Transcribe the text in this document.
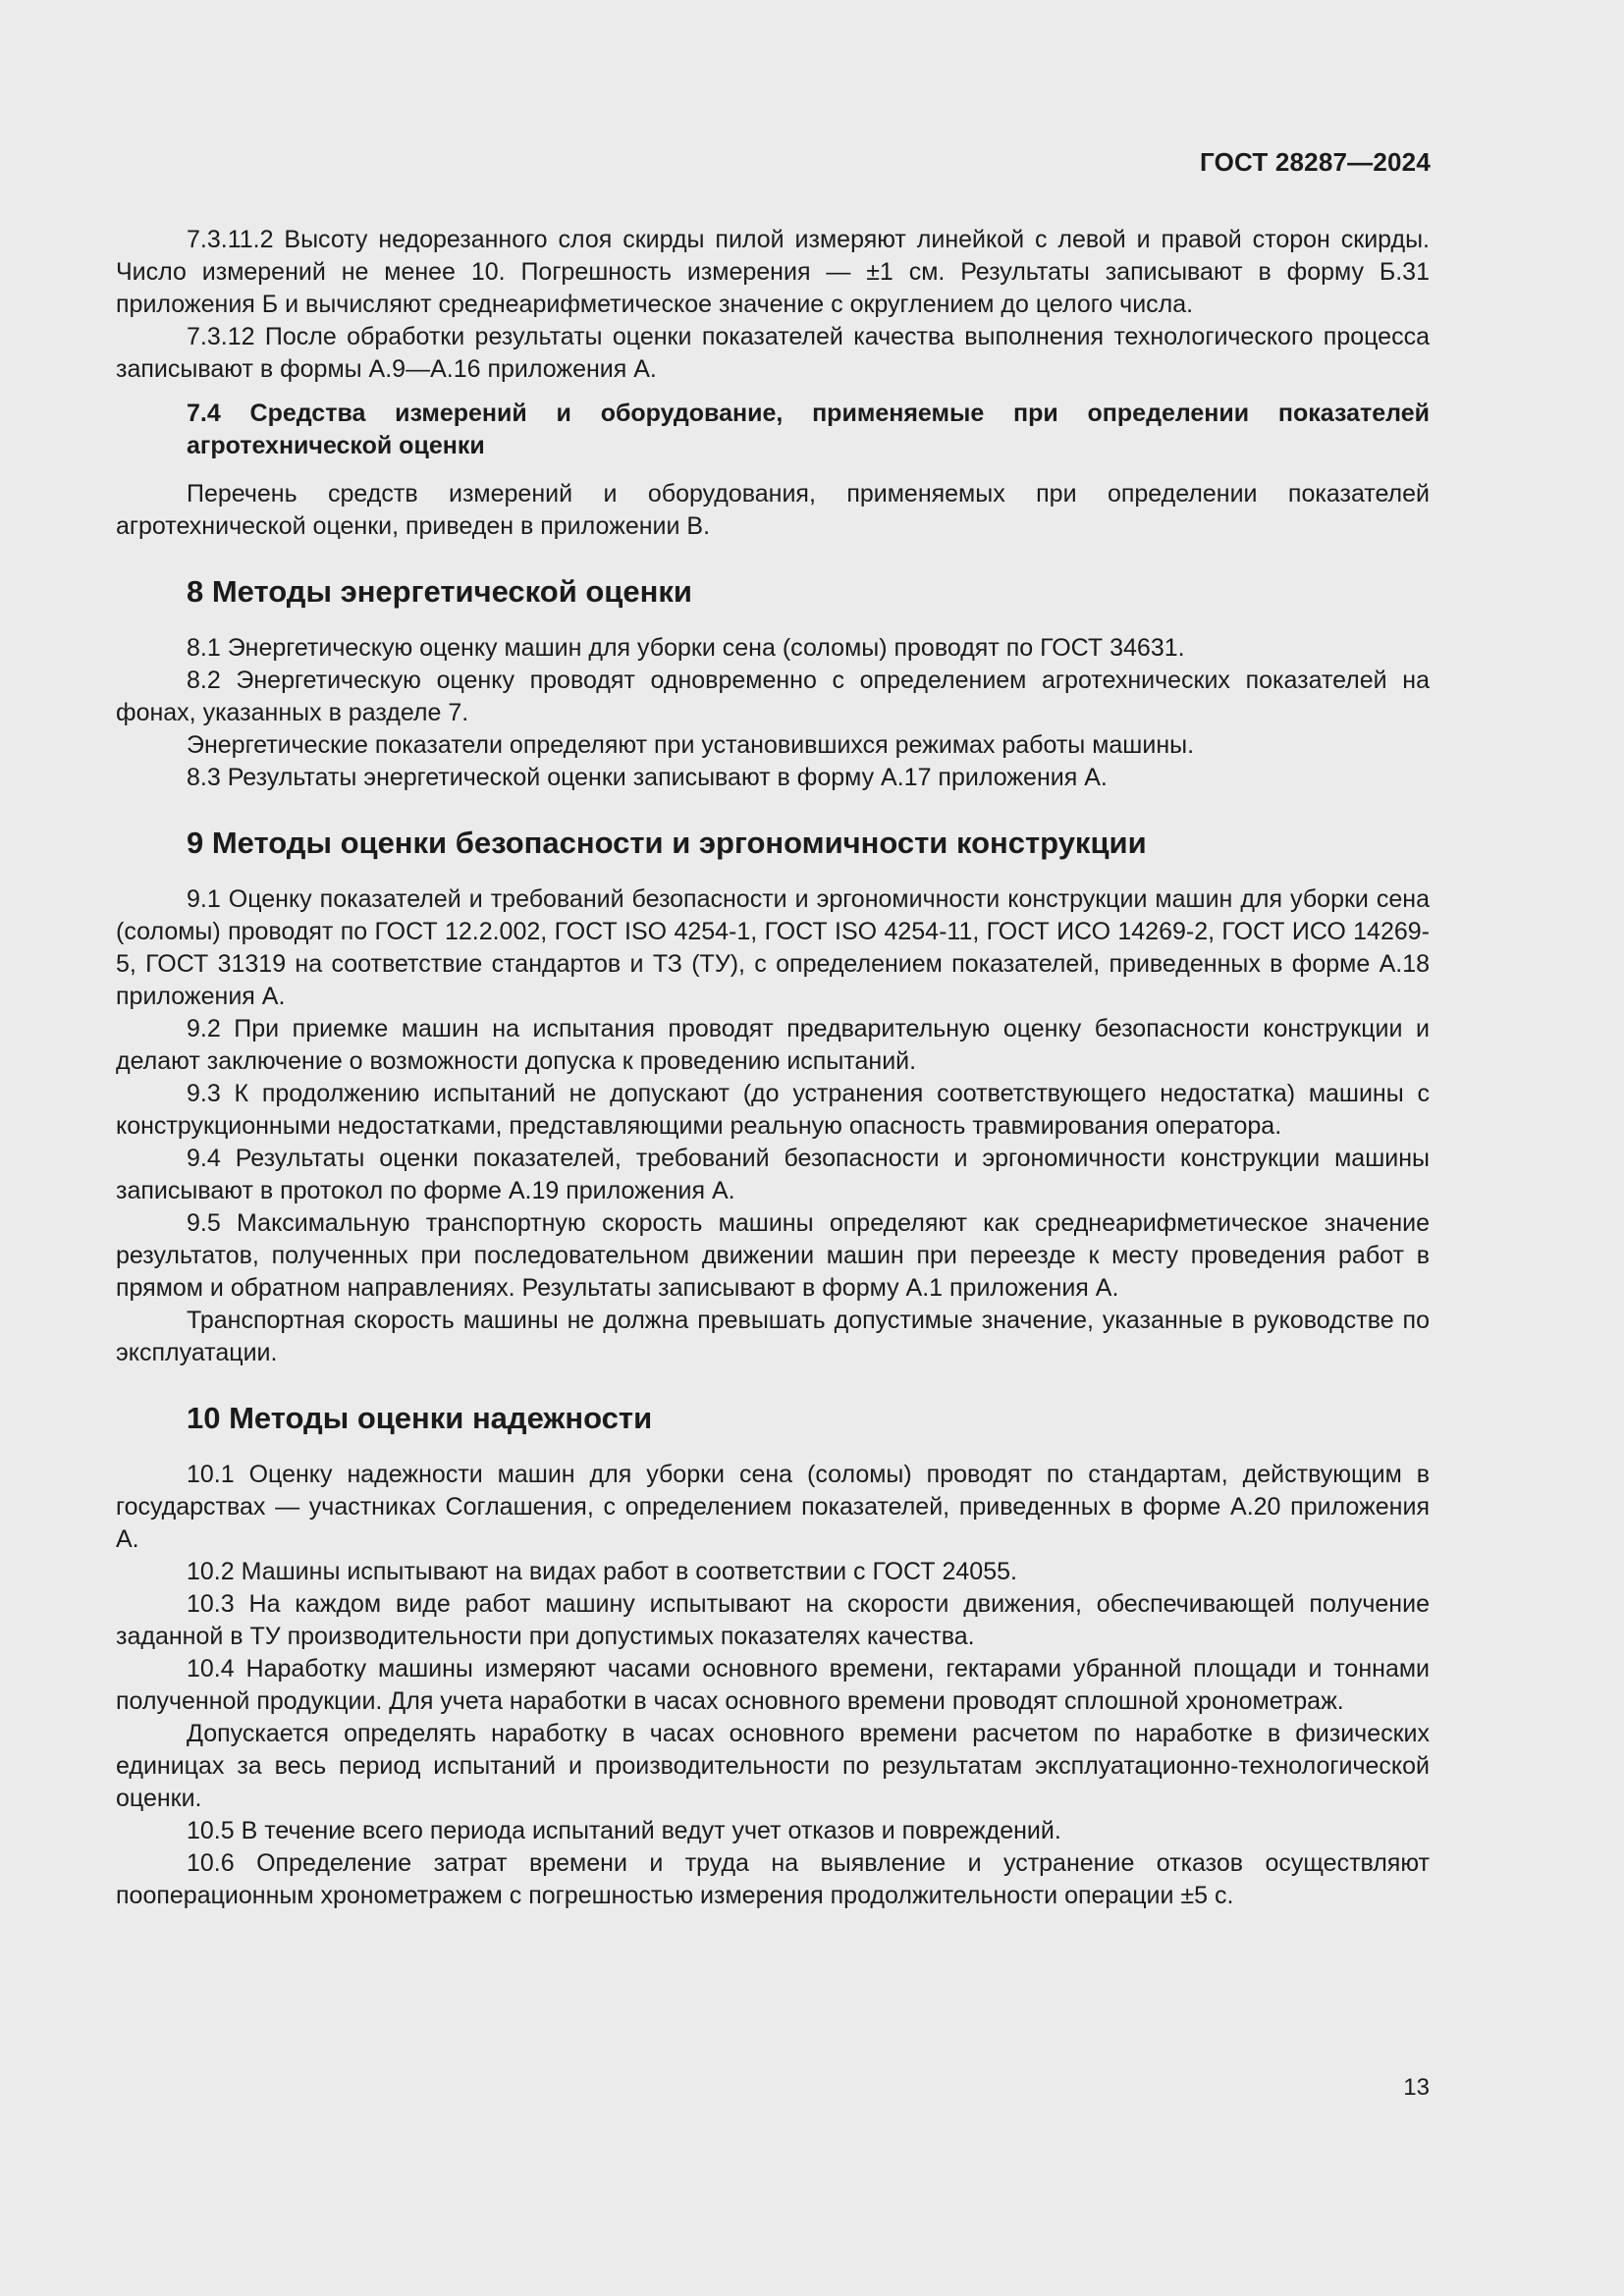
ГОСТ 28287—2024

7.3.11.2 Высоту недорезанного слоя скирды пилой измеряют линейкой с левой и правой сторон скирды. Число измерений не менее 10. Погрешность измерения — ±1 см. Результаты записывают в форму Б.31 приложения Б и вычисляют среднеарифметическое значение с округлением до целого числа.

7.3.12 После обработки результаты оценки показателей качества выполнения технологического процесса записывают в формы А.9—А.16 приложения А.

7.4 Средства измерений и оборудование, применяемые при определении показателей агротехнической оценки

Перечень средств измерений и оборудования, применяемых при определении показателей агротехнической оценки, приведен в приложении В.

8 Методы энергетической оценки

8.1 Энергетическую оценку машин для уборки сена (соломы) проводят по ГОСТ 34631.

8.2 Энергетическую оценку проводят одновременно с определением агротехнических показателей на фонах, указанных в разделе 7.

Энергетические показатели определяют при установившихся режимах работы машины.

8.3 Результаты энергетической оценки записывают в форму А.17 приложения А.

9 Методы оценки безопасности и эргономичности конструкции

9.1 Оценку показателей и требований безопасности и эргономичности конструкции машин для уборки сена (соломы) проводят по ГОСТ 12.2.002, ГОСТ ISO 4254-1, ГОСТ ISO 4254-11, ГОСТ ИСО 14269-2, ГОСТ ИСО 14269-5, ГОСТ 31319 на соответствие стандартов и ТЗ (ТУ), с определением показателей, приведенных в форме А.18 приложения А.

9.2 При приемке машин на испытания проводят предварительную оценку безопасности конструкции и делают заключение о возможности допуска к проведению испытаний.

9.3 К продолжению испытаний не допускают (до устранения соответствующего недостатка) машины с конструкционными недостатками, представляющими реальную опасность травмирования оператора.

9.4 Результаты оценки показателей, требований безопасности и эргономичности конструкции машины записывают в протокол по форме А.19 приложения А.

9.5 Максимальную транспортную скорость машины определяют как среднеарифметическое значение результатов, полученных при последовательном движении машин при переезде к месту проведения работ в прямом и обратном направлениях. Результаты записывают в форму А.1 приложения А.

Транспортная скорость машины не должна превышать допустимые значение, указанные в руководстве по эксплуатации.

10 Методы оценки надежности

10.1 Оценку надежности машин для уборки сена (соломы) проводят по стандартам, действующим в государствах — участниках Соглашения, с определением показателей, приведенных в форме А.20 приложения А.

10.2 Машины испытывают на видах работ в соответствии с ГОСТ 24055.

10.3 На каждом виде работ машину испытывают на скорости движения, обеспечивающей получение заданной в ТУ производительности при допустимых показателях качества.

10.4 Наработку машины измеряют часами основного времени, гектарами убранной площади и тоннами полученной продукции. Для учета наработки в часах основного времени проводят сплошной хронометраж.

Допускается определять наработку в часах основного времени расчетом по наработке в физических единицах за весь период испытаний и производительности по результатам эксплуатационно-технологической оценки.

10.5 В течение всего периода испытаний ведут учет отказов и повреждений.

10.6 Определение затрат времени и труда на выявление и устранение отказов осуществляют пооперационным хронометражем с погрешностью измерения продолжительности операции ±5 с.

13
